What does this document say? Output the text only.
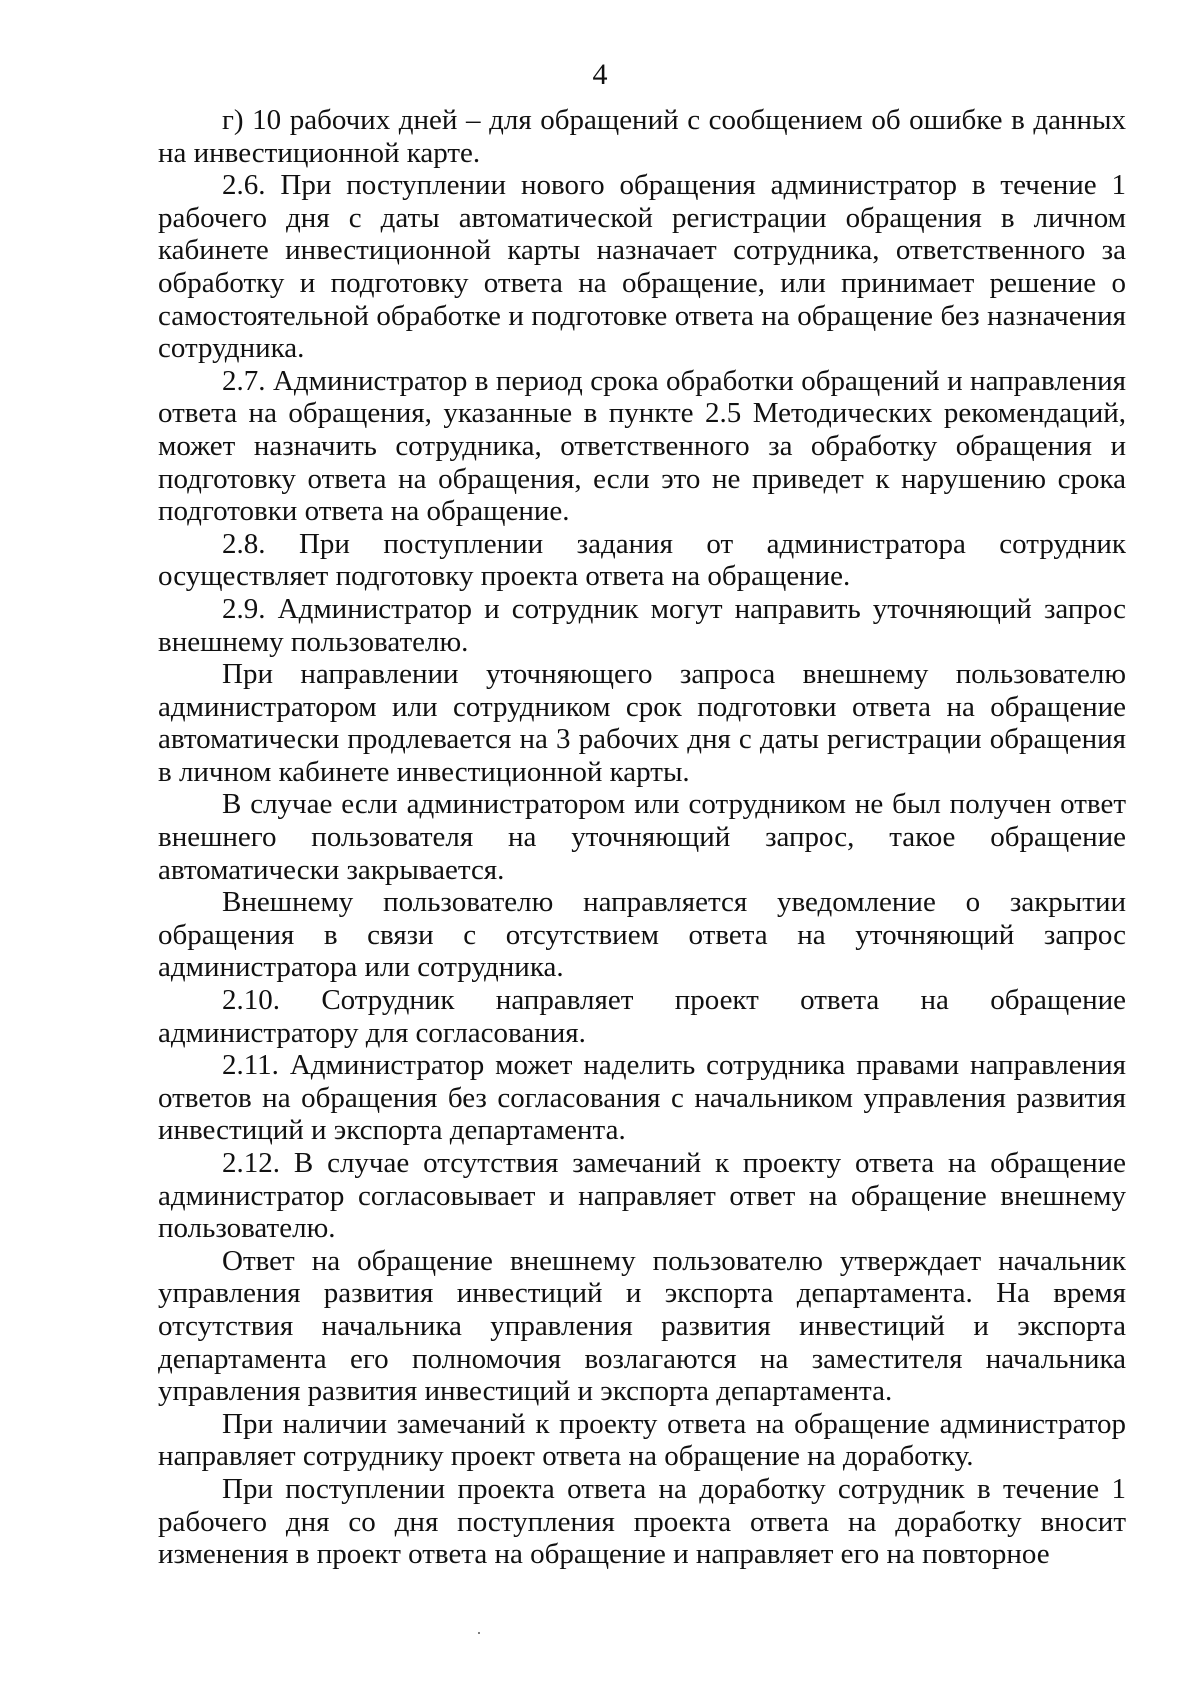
4

г) 10 рабочих дней – для обращений с сообщением об ошибке в данных на инвестиционной карте.

2.6. При поступлении нового обращения администратор в течение 1 рабочего дня с даты автоматической регистрации обращения в личном кабинете инвестиционной карты назначает сотрудника, ответственного за обработку и подготовку ответа на обращение, или принимает решение о самостоятельной обработке и подготовке ответа на обращение без назначения сотрудника.

2.7. Администратор в период срока обработки обращений и направления ответа на обращения, указанные в пункте 2.5 Методических рекомендаций, может назначить сотрудника, ответственного за обработку обращения и подготовку ответа на обращения, если это не приведет к нарушению срока подготовки ответа на обращение.

2.8. При поступлении задания от администратора сотрудник осуществляет подготовку проекта ответа на обращение.

2.9. Администратор и сотрудник могут направить уточняющий запрос внешнему пользователю.

При направлении уточняющего запроса внешнему пользователю администратором или сотрудником срок подготовки ответа на обращение автоматически продлевается на 3 рабочих дня с даты регистрации обращения в личном кабинете инвестиционной карты.

В случае если администратором или сотрудником не был получен ответ внешнего пользователя на уточняющий запрос, такое обращение автоматически закрывается.

Внешнему пользователю направляется уведомление о закрытии обращения в связи с отсутствием ответа на уточняющий запрос администратора или сотрудника.

2.10. Сотрудник направляет проект ответа на обращение администратору для согласования.

2.11. Администратор может наделить сотрудника правами направления ответов на обращения без согласования с начальником управления развития инвестиций и экспорта департамента.

2.12. В случае отсутствия замечаний к проекту ответа на обращение администратор согласовывает и направляет ответ на обращение внешнему пользователю.

Ответ на обращение внешнему пользователю утверждает начальник управления развития инвестиций и экспорта департамента. На время отсутствия начальника управления развития инвестиций и экспорта департамента его полномочия возлагаются на заместителя начальника управления развития инвестиций и экспорта департамента.

При наличии замечаний к проекту ответа на обращение администратор направляет сотруднику проект ответа на обращение на доработку.

При поступлении проекта ответа на доработку сотрудник в течение 1 рабочего дня со дня поступления проекта ответа на доработку вносит изменения в проект ответа на обращение и направляет его на повторное
